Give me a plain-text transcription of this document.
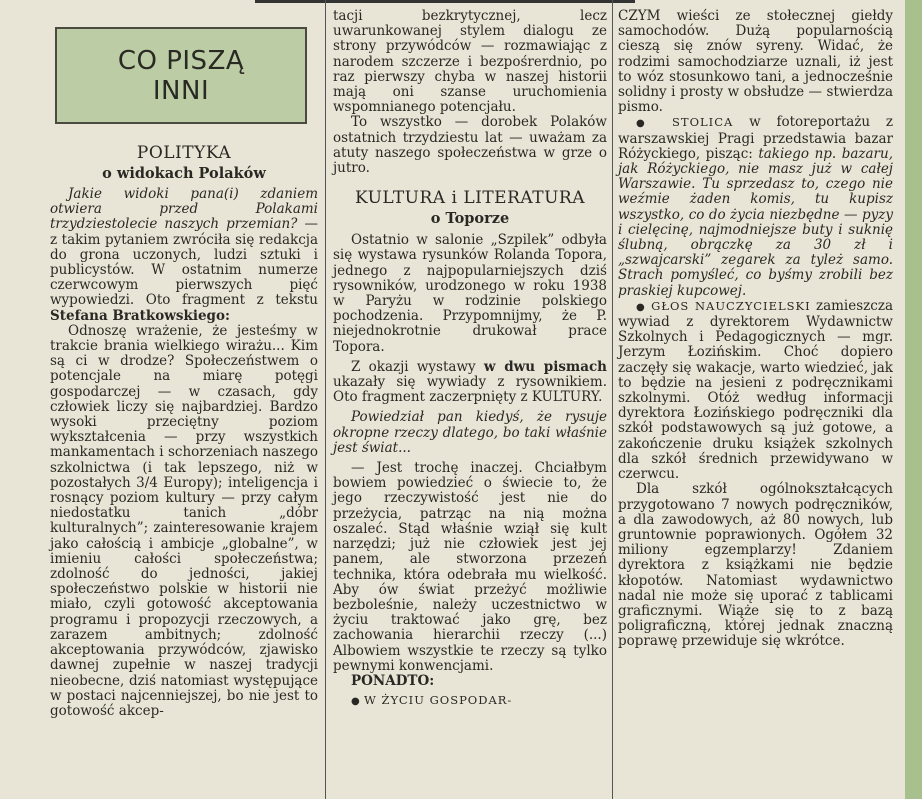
CO PISZĄ
INNI
POLITYKA
o widokach Polaków

Jakie widoki pana(i) zdaniem otwiera przed Polakami trzydziestolecie naszych przemian? — z takim pytaniem zwróciła się redakcja do grona uczonych, ludzi sztuki i publicystów. W ostatnim numerze czerwcowym pierwszych pięć wypowiedzi. Oto fragment z tekstu Stefana Bratkowskiego:

Odnoszę wrażenie, że jesteśmy w trakcie brania wielkiego wirażu... Kim są ci w drodze? Społeczeństwem o potencjale na miarę potęgi gospodarczej — w czasach, gdy człowiek liczy się najbardziej. Bardzo wysoki przeciętny poziom wykształcenia — przy wszystkich mankamentach i schorzeniach naszego szkolnictwa (i tak lepszego, niż w pozostałych 3/4 Europy); inteligencja i rosnący poziom kultury — przy całym niedostatku tanich „dóbr kulturalnych”; zainteresowanie krajem jako całością i ambicje „globalne”, w imieniu całości społeczeństwa; zdolność do jedności, jakiej społeczeństwo polskie w historii nie miało, czyli gotowość akceptowania programu i propozycji rzeczowych, a zarazem ambitnych; zdolność akceptowania przywódców, zjawisko dawnej zupełnie w naszej tradycji nieobecne, dziś natomiast występujące w postaci najcenniejszej, bo nie jest to gotowość akcep-

tacji bezkrytycznej, lecz uwarunkowanej stylem dialogu ze strony przywódców — rozmawiając z narodem szczerze i bezpośrerdnio, po raz pierwszy chyba w naszej historii mają oni szanse uruchomienia wspomnianego potencjału.

To wszystko — dorobek Polaków ostatnich trzydziestu lat — uważam za atuty naszego społeczeństwa w grze o jutro.

KULTURA i LITERATURA
o Toporze

Ostatnio w salonie „Szpilek” odbyła się wystawa rysunków Rolanda Topora, jednego z najpopularniejszych dziś rysowników, urodzonego w roku 1938 w Paryżu w rodzinie polskiego pochodzenia. Przypomnijmy, że P. niejednokrotnie drukował prace Topora.

Z okazji wystawy w dwu pismach ukazały się wywiady z rysownikiem. Oto fragment zaczerpnięty z KULTURY.

Powiedział pan kiedyś, że rysuje okropne rzeczy dlatego, bo taki właśnie jest świat...

— Jest trochę inaczej. Chciałbym bowiem powiedzieć o świecie to, że jego rzeczywistość jest nie do przeżycia, patrząc na nią można oszaleć. Stąd właśnie wziął się kult narzędzi; już nie człowiek jest jej panem, ale stworzona przezeń technika, która odebrała mu wielkość. Aby ów świat przeżyć możliwie bezboleśnie, należy uczestnictwo w życiu traktować jako grę, bez zachowania hierarchii rzeczy (...) Albowiem wszystkie te rzeczy są tylko pewnymi konwencjami.

PONADTO:
● W ŻYCIU GOSPODAR-

CZYM wieści ze stołecznej giełdy samochodów. Dużą popularnością cieszą się znów syreny. Widać, że rodzimi samochodziarze uznali, iż jest to wóz stosunkowo tani, a jednocześnie solidny i prosty w obsłudze — stwierdza pismo.

● STOLICA w fotoreportażu z warszawskiej Pragi przedstawia bazar Różyckiego, pisząc: takiego np. bazaru, jak Różyckiego, nie masz już w całej Warszawie. Tu sprzedasz to, czego nie weźmie żaden komis, tu kupisz wszystko, co do życia niezbędne — pyzy i cielęcinę, najmodniejsze buty i suknię ślubną, obrączkę za 30 zł i „szwajcarski” zegarek za tyleż samo. Strach pomyśleć, co byśmy zrobili bez praskiej kupcowej.

● GŁOS NAUCZYCIELSKI zamieszcza wywiad z dyrektorem Wydawnictw Szkolnych i Pedagogicznych — mgr. Jerzym Łozińskim. Choć dopiero zaczęły się wakacje, warto wiedzieć, jak to będzie na jesieni z podręcznikami szkolnymi. Otóż według informacji dyrektora Łozińskiego podręczniki dla szkół podstawowych są już gotowe, a zakończenie druku książek szkolnych dla szkół średnich przewidywano w czerwcu.

Dla szkół ogólnokształcących przygotowano 7 nowych podręczników, a dla zawodowych, aż 80 nowych, lub gruntownie poprawionych. Ogółem 32 miliony egzemplarzy! Zdaniem dyrektora z książkami nie będzie kłopotów. Natomiast wydawnictwo nadal nie może się uporać z tablicami graficznymi. Wiąże się to z bazą poligraficzną, której jednak znaczną poprawę przewiduje się wkrótce.
